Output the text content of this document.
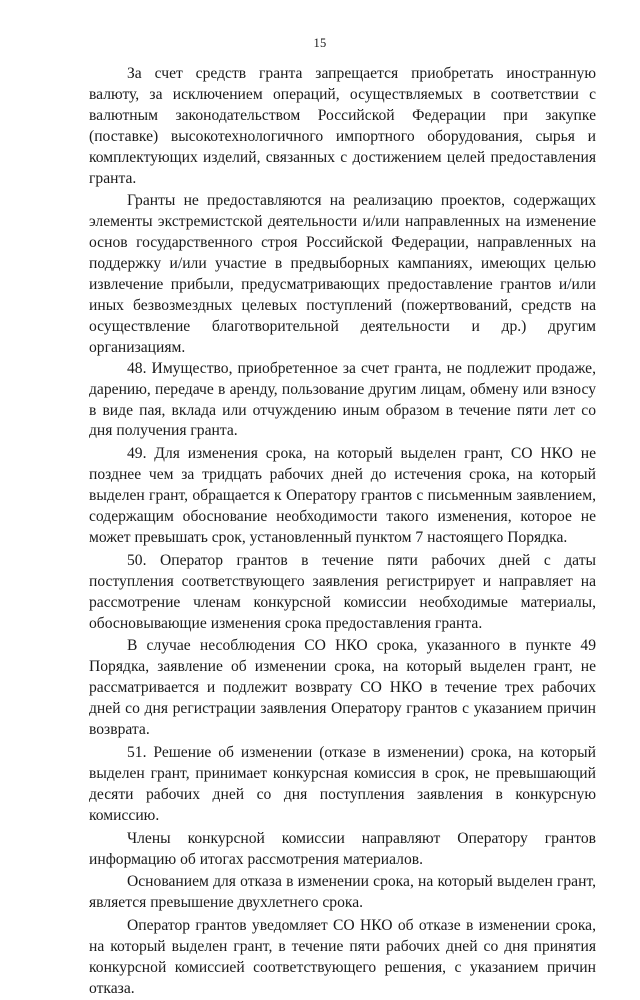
15

За счет средств гранта запрещается приобретать иностранную валюту, за исключением операций, осуществляемых в соответствии с валютным законодательством Российской Федерации при закупке (поставке) высокотехнологичного импортного оборудования, сырья и комплектующих изделий, связанных с достижением целей предоставления гранта.

Гранты не предоставляются на реализацию проектов, содержащих элементы экстремистской деятельности и/или направленных на изменение основ государственного строя Российской Федерации, направленных на поддержку и/или участие в предвыборных кампаниях, имеющих целью извлечение прибыли, предусматривающих предоставление грантов и/или иных безвозмездных целевых поступлений (пожертвований, средств на осуществление благотворительной деятельности и др.) другим организациям.

48. Имущество, приобретенное за счет гранта, не подлежит продаже, дарению, передаче в аренду, пользование другим лицам, обмену или взносу в виде пая, вклада или отчуждению иным образом в течение пяти лет со дня получения гранта.

49. Для изменения срока, на который выделен грант, СО НКО не позднее чем за тридцать рабочих дней до истечения срока, на который выделен грант, обращается к Оператору грантов с письменным заявлением, содержащим обоснование необходимости такого изменения, которое не может превышать срок, установленный пунктом 7 настоящего Порядка.

50. Оператор грантов в течение пяти рабочих дней с даты поступления соответствующего заявления регистрирует и направляет на рассмотрение членам конкурсной комиссии необходимые материалы, обосновывающие изменения срока предоставления гранта.

В случае несоблюдения СО НКО срока, указанного в пункте 49 Порядка, заявление об изменении срока, на который выделен грант, не рассматривается и подлежит возврату СО НКО в течение трех рабочих дней со дня регистрации заявления Оператору грантов с указанием причин возврата.

51. Решение об изменении (отказе в изменении) срока, на который выделен грант, принимает конкурсная комиссия в срок, не превышающий десяти рабочих дней со дня поступления заявления в конкурсную комиссию.

Члены конкурсной комиссии направляют Оператору грантов информацию об итогах рассмотрения материалов.

Основанием для отказа в изменении срока, на который выделен грант, является превышение двухлетнего срока.

Оператор грантов уведомляет СО НКО об отказе в изменении срока, на который выделен грант, в течение пяти рабочих дней со дня принятия конкурсной комиссией соответствующего решения, с указанием причин отказа.
